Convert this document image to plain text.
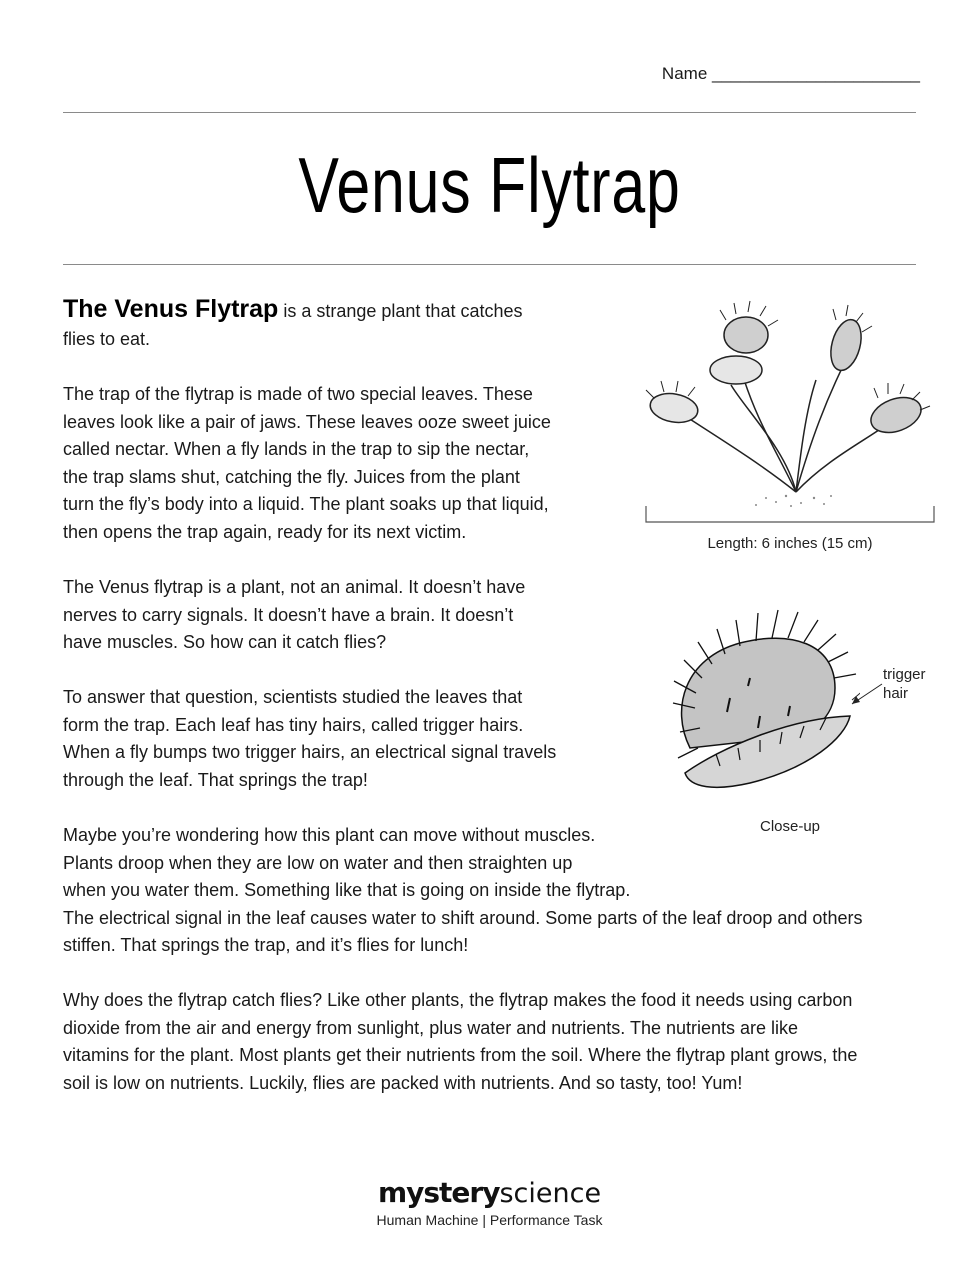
Name ______________________
Venus Flytrap

The Venus Flytrap is a strange plant that catches

flies to eat.

The trap of the flytrap is made of two special leaves. These

leaves look like a pair of jaws. These leaves ooze sweet juice

called nectar. When a fly lands in the trap to sip the nectar,

the trap slams shut, catching the fly. Juices from the plant

turn the fly’s body into a liquid. The plant soaks up that liquid,

then opens the trap again, ready for its next victim.

The Venus flytrap is a plant, not an animal. It doesn’t have

nerves to carry signals. It doesn’t have a brain. It doesn’t

have muscles. So how can it catch flies?

To answer that question, scientists studied the leaves that

form the trap. Each leaf has tiny hairs, called trigger hairs.

When a fly bumps two trigger hairs, an electrical signal travels

through the leaf. That springs the trap!

Maybe you’re wondering how this plant can move without muscles.

Plants droop when they are low on water and then straighten up

when you water them. Something like that is going on inside the flytrap.

The electrical signal in the leaf causes water to shift around. Some parts of the leaf droop and others

stiffen. That springs the trap, and it’s flies for lunch!

Why does the flytrap catch flies? Like other plants, the flytrap makes the food it needs using carbon

dioxide from the air and energy from sunlight, plus water and nutrients. The nutrients are like

vitamins for the plant. Most plants get their nutrients from the soil. Where the flytrap plant grows, the

soil is low on nutrients. Luckily, flies are packed with nutrients. And so tasty, too! Yum!

Length: 6 inches (15 cm)
trigger
hair
Close-up
mysteryscience
Human Machine | Performance Task
